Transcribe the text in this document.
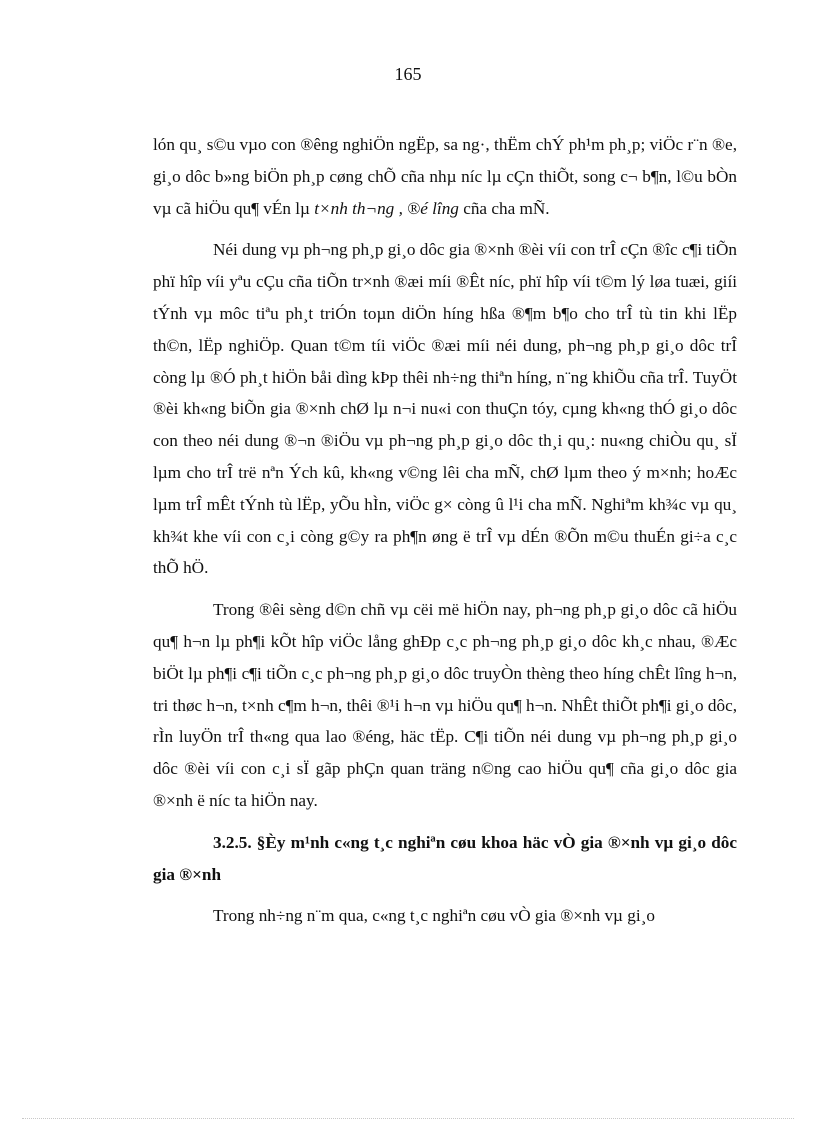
165

lón qu¸ s©u vµo con ®êng nghiÖn ngËp, sa ng·, thËm chÝ ph¹m ph¸p; viÖc r¨n ®e, gi¸o dôc b»ng biÖn ph¸p cøng chÕ cña nhµ níc lµ cÇn thiÕt, song c¬ b¶n, l©u bÒn vµ cã hiÖu qu¶ vÉn lµ t×nh th¬ng , ®é lîng cña cha mÑ.

Néi dung vµ ph¬ng ph¸p gi¸o dôc gia ®×nh ®èi víi con trÎ cÇn ®îc c¶i tiÕn phï hîp víi yªu cÇu cña tiÕn tr×nh ®æi míi ®Êt níc, phï hîp víi t©m lý løa tuæi, giíi tÝnh vµ môc tiªu ph¸t triÓn toµn diÖn híng hßa ®¶m b¶o cho trÎ tù tin khi lËp th©n, lËp nghiÖp. Quan t©m tíi viÖc ®æi míi néi dung, ph¬ng ph¸p gi¸o dôc trÎ còng lµ ®Ó ph¸t hiÖn båi dìng kÞp thêi nh÷ng thiªn híng, n¨ng khiÕu cña trÎ. TuyÖt ®èi kh«ng biÕn gia ®×nh chØ lµ n¬i nu«i con thuÇn tóy, cµng kh«ng thÓ gi¸o dôc con theo néi dung ®¬n ®iÖu vµ ph¬ng ph¸p gi¸o dôc th¸i qu¸: nu«ng chiÒu qu¸ sÏ lµm cho trÎ trë nªn Ých kû, kh«ng v©ng lêi cha mÑ, chØ lµm theo ý m×nh; hoÆc lµm trÎ mÊt tÝnh tù lËp, yÕu hÌn, viÖc g× còng û l¹i cha mÑ. Nghiªm kh¾c vµ qu¸ kh¾t khe víi con c¸i còng g©y ra ph¶n øng ë trÎ vµ dÉn ®Õn m©u thuÉn gi÷a c¸c thÕ hÖ.

Trong ®êi sèng d©n chñ vµ cëi më hiÖn nay, ph¬ng ph¸p gi¸o dôc cã hiÖu qu¶ h¬n lµ ph¶i kÕt hîp viÖc lång ghÐp c¸c ph¬ng ph¸p gi¸o dôc kh¸c nhau, ®Æc biÖt lµ ph¶i c¶i tiÕn c¸c ph¬ng ph¸p gi¸o dôc truyÒn thèng theo híng chÊt lîng h¬n, tri thøc h¬n, t×nh c¶m h¬n, thêi ®¹i h¬n vµ hiÖu qu¶ h¬n. NhÊt thiÕt ph¶i gi¸o dôc, rÌn luyÖn trÎ th«ng qua lao ®éng, häc tËp. C¶i tiÕn néi dung vµ ph¬ng ph¸p gi¸o dôc ®èi víi con c¸i sÏ gãp phÇn quan träng n©ng cao hiÖu qu¶ cña gi¸o dôc gia ®×nh ë níc ta hiÖn nay.

3.2.5. §Èy m¹nh c«ng t¸c nghiªn cøu khoa häc vÒ gia ®×nh vµ gi¸o dôc gia ®×nh

Trong nh÷ng n¨m qua, c«ng t¸c nghiªn cøu vÒ gia ®×nh vµ gi¸o
